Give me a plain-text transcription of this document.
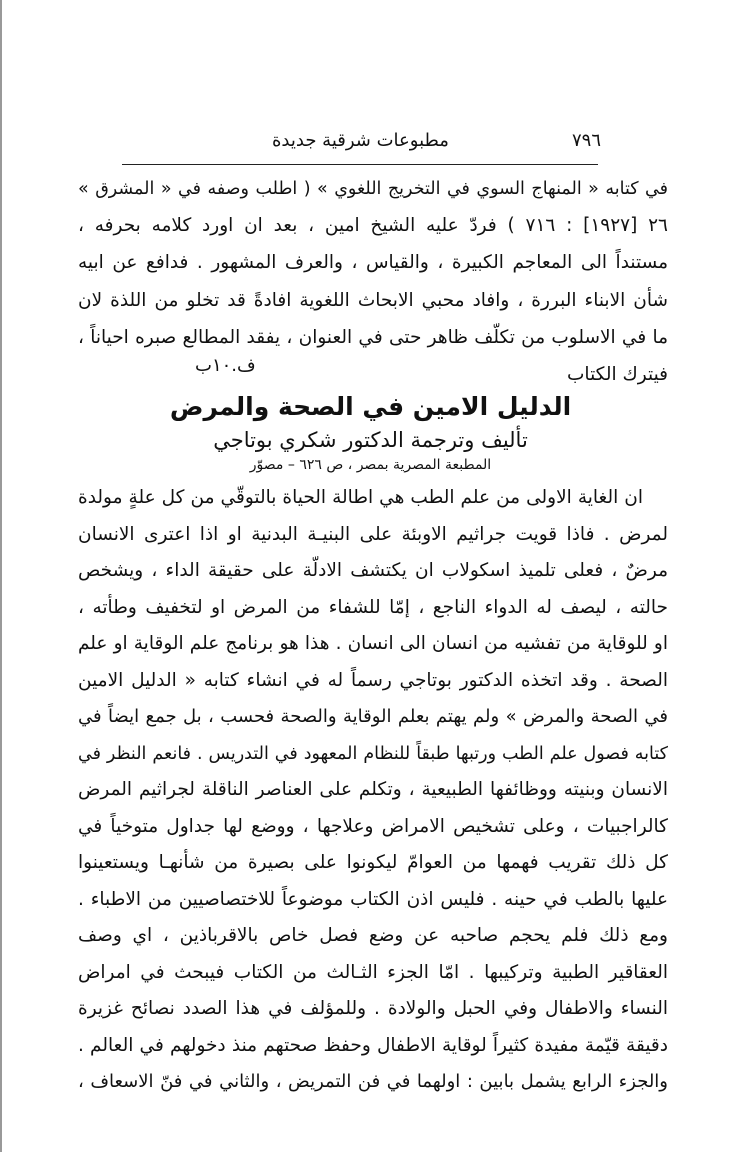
٧٩٦
مطبوعات شرقية جديدة
في كتابه « المنهاج السوي في التخريج اللغوي » ( اطلب وصفه في « المشرق »
٢٦ [١٩٢٧] : ٧١٦ ) فردّ عليه الشيخ امين ، بعد ان اورد كلامه بحرفه ،
مستنداً الى المعاجم الكبيرة ، والقياس ، والعرف المشهور . فدافع عن ابيه
شأن الابناء البررة ، وافاد محبي الابحاث اللغوية افادةً قد تخلو من اللذة لان
ما في الاسلوب من تكلّف ظاهر حتى في العنوان ، يفقد المطالع صبره احياناً ،
فيترك الكتاب
ف.١٠ب
الدليل الامين في الصحة والمرض
تأليف وترجمة الدكتور شكري بوتاجي
المطبعة المصرية بمصر ، ص ٦٢٦ – مصوّر
ان الغاية الاولى من علم الطب هي اطالة الحياة بالتوقّي من كل علةٍ مولدة
لمرض . فاذا قويت جراثيم الاوبئة على البنيـة البدنية او اذا اعترى الانسان
مرضٌ ، فعلى تلميذ اسكولاب ان يكتشف الادلّة على حقيقة الداء ، ويشخص
حالته ، ليصف له الدواء الناجع ، إمّا للشفاء من المرض او لتخفيف وطأته ،
او للوقاية من تفشيه من انسان الى انسان . هذا هو برنامج علم الوقاية او علم
الصحة . وقد اتخذه الدكتور بوتاجي رسماً له في انشاء كتابه « الدليل الامين
في الصحة والمرض » ولم يهتم بعلم الوقاية والصحة فحسب ، بل جمع ايضاً في
كتابه فصول علم الطب ورتبها طبقاً للنظام المعهود في التدريس . فانعم النظر في
الانسان وبنيته ووظائفها الطبيعية ، وتكلم على العناصر الناقلة لجراثيم المرض
كالراجبيات ، وعلى تشخيص الامراض وعلاجها ، ووضع لها جداول متوخياً في
كل ذلك تقريب فهمها من العوامّ ليكونوا على بصيرة من شأنهـا ويستعينوا
عليها بالطب في حينه . فليس اذن الكتاب موضوعاً للاختصاصيين من الاطباء .
ومع ذلك فلم يحجم صاحبه عن وضع فصل خاص بالاقرباذين ، اي وصف
العقاقير الطبية وتركيبها . امّا الجزء الثـالث من الكتاب فيبحث في امراض
النساء والاطفال وفي الحبل والولادة . وللمؤلف في هذا الصدد نصائح غزيرة
دقيقة قيّمة مفيدة كثيراً لوقاية الاطفال وحفظ صحتهم منذ دخولهم في العالم .
والجزء الرابع يشمل بابين : اولهما في فن التمريض ، والثاني في فنّ الاسعاف ،
